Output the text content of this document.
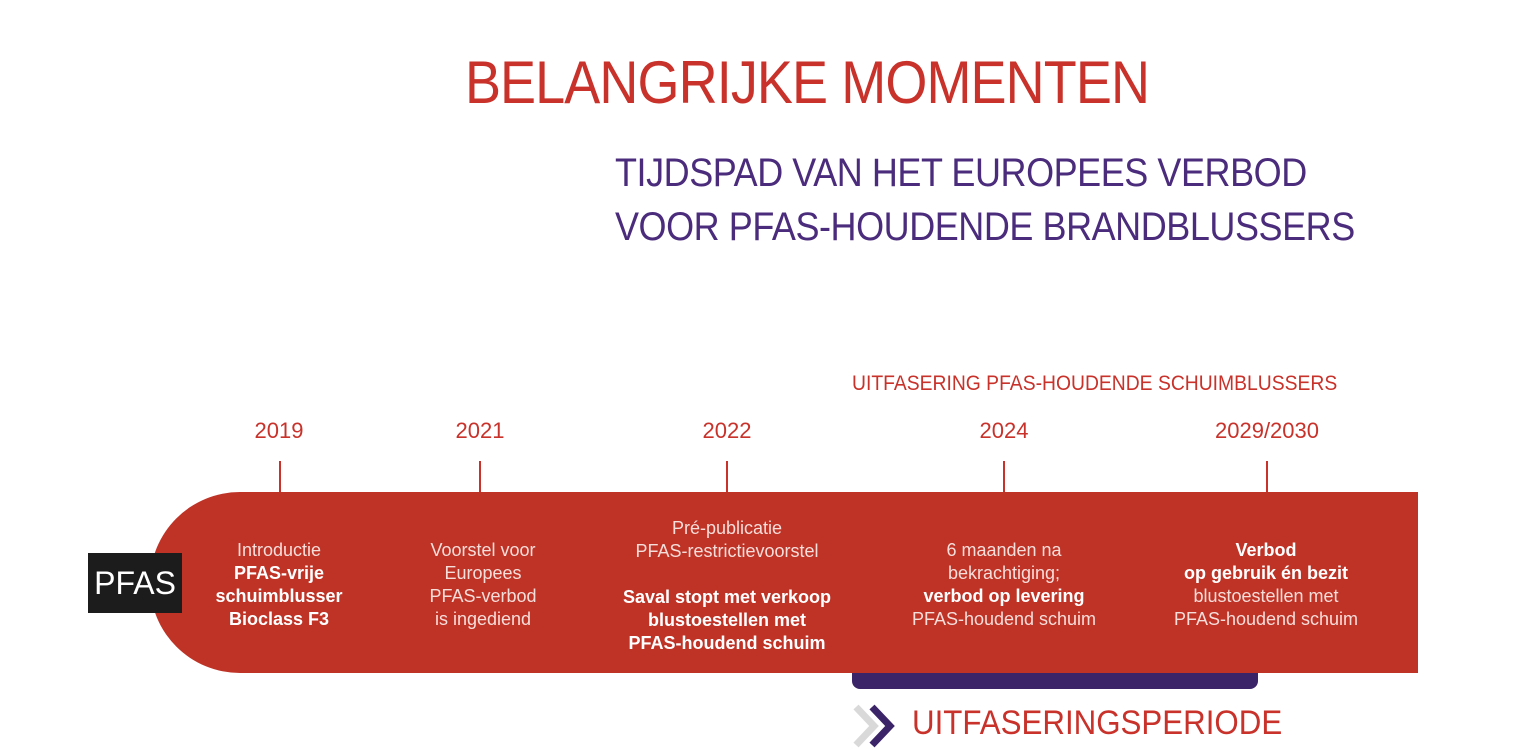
BELANGRIJKE MOMENTEN
TIJDSPAD VAN HET EUROPEES VERBOD
VOOR PFAS-HOUDENDE BRANDBLUSSERS
UITFASERING PFAS-HOUDENDE SCHUIMBLUSSERS
2019	2021	2022	2024	2029/2030
PFAS
Introductie
PFAS-vrije
schuimblusser
Bioclass F3
Voorstel voor
Europees
PFAS-verbod
is ingediend
Pré-publicatie
PFAS-restrictievoorstel
Saval stopt met verkoop
blustoestellen met
PFAS-houdend schuim
6 maanden na
bekrachtiging;
verbod op levering
PFAS-houdend schuim
Verbod
op gebruik én bezit
blustoestellen met
PFAS-houdend schuim
UITFASERINGSPERIODE
